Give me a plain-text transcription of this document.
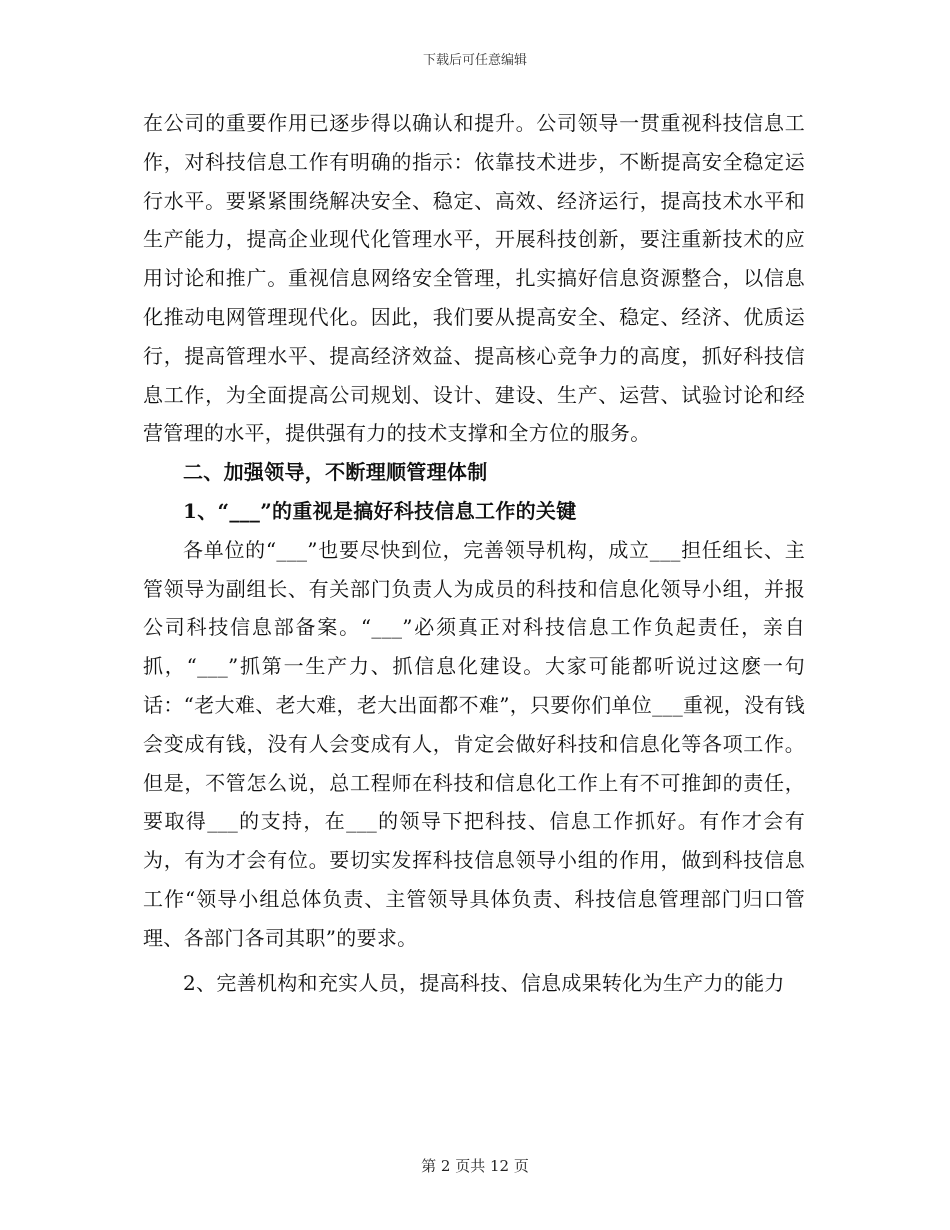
下载后可任意编辑

在公司的重要作用已逐步得以确认和提升。公司领导一贯重视科技信息工作，对科技信息工作有明确的指示：依靠技术进步，不断提高安全稳定运行水平。要紧紧围绕解决安全、稳定、高效、经济运行，提高技术水平和生产能力，提高企业现代化管理水平，开展科技创新，要注重新技术的应用讨论和推广。重视信息网络安全管理，扎实搞好信息资源整合，以信息化推动电网管理现代化。因此，我们要从提高安全、稳定、经济、优质运行，提高管理水平、提高经济效益、提高核心竞争力的高度，抓好科技信息工作，为全面提高公司规划、设计、建设、生产、运营、试验讨论和经营管理的水平，提供强有力的技术支撑和全方位的服务。

二、加强领导，不断理顺管理体制

1、“___”的重视是搞好科技信息工作的关键

各单位的“___”也要尽快到位，完善领导机构，成立___担任组长、主管领导为副组长、有关部门负责人为成员的科技和信息化领导小组，并报公司科技信息部备案。“___”必须真正对科技信息工作负起责任，亲自抓，“___”抓第一生产力、抓信息化建设。大家可能都听说过这麽一句话：“老大难、老大难，老大出面都不难”，只要你们单位___重视，没有钱会变成有钱，没有人会变成有人，肯定会做好科技和信息化等各项工作。但是，不管怎么说，总工程师在科技和信息化工作上有不可推卸的责任，要取得___的支持，在___的领导下把科技、信息工作抓好。有作才会有为，有为才会有位。要切实发挥科技信息领导小组的作用，做到科技信息工作“领导小组总体负责、主管领导具体负责、科技信息管理部门归口管理、各部门各司其职”的要求。

2、完善机构和充实人员，提高科技、信息成果转化为生产力的能力

第 2 页共 12 页
